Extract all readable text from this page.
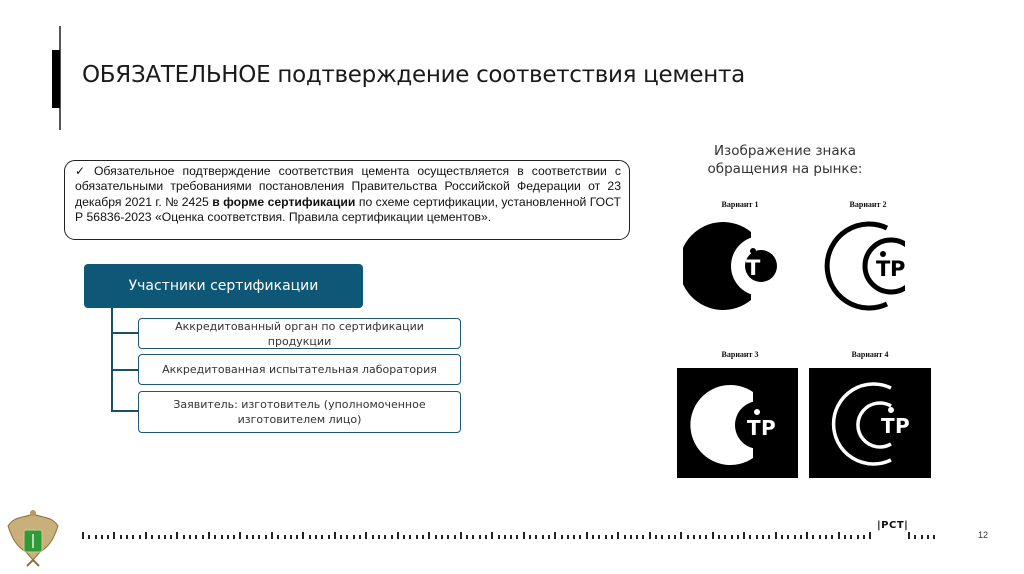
ОБЯЗАТЕЛЬНОЕ подтверждение соответствия цемента
✓ Обязательное подтверждение соответствия цемента осуществляется в соответствии с обязательными требованиями постановления Правительства Российской Федерации от 23 декабря 2021 г. № 2425 в форме сертификации по схеме сертификации, установленной ГОСТ Р 56836-2023 «Оценка соответствия. Правила сертификации цементов».
Участники сертификации
Аккредитованный орган по сертификации продукции
Аккредитованная испытательная лаборатория
Заявитель: изготовитель (уполномоченное изготовителем лицо)
Изображение знака
обращения на рынке:
Вариант 1	Вариант 2
Вариант 3	Вариант 4
Т Р	Т Р
Т Р	Т Р
|РСТ|
12
